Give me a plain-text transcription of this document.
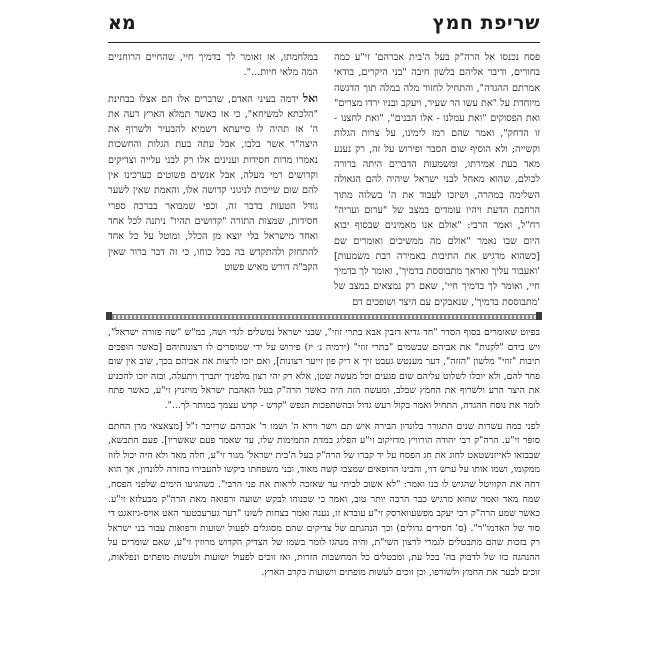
שריפת חמץ
מא

פסח נכנסו אל הרה"ק בעל ה'בית אברהם' זי"ע כמה בחורים, ודיבר אליהם בלשון חיבה "בני היקרים, בודאי אמרתם ההגדה", והתחיל לחזור מלה במלה תוך הדגשה מיוחדת על "את עשו הר שעיר, ויעקב ובניו ירדו מצרים" ואת הפסוקים "ואת עמלנו - אלו הבנים", "ואת לחצנו - זו הדחק", ואמר שהם רמז לימינו, על צרות הגלות וקשייה; ולא הוסיף שום הסבר ופירוש על זה, רק נענע מאד בעת אמירתו, ומשמעות הדברים היתה ברורה לכולם, שהוא מאחל לבני ישראל שיהיה להם הגאולה השלימה במהרה, ושיזכו לעבוד את ה' בשלוה מתוך הרחבת הדעת ויהיו עומדים במצב של "ערום ועריה" רח"ל, ואמר הרבי: "אולם אנו מאמינים שבסוף יבוא היום שבו נאמר "אולם מה ממשיכים ואומרים שם [כשהוא מדגיש את התיבות באמירה רבת משמעות] 'ואעבור עליך וארא​ך מתבוססת בדמיך', ואומר לך בדמיך חיי, ואומר לך בדמיך חיי', שאם רק נמצאים במצב של 'מתבוססת בדמיך', שנאבקים עם היצר ושופכים דם

במלחמתו, אז זאומר לך בדמיך חיי, שהחיים הרוחניים המה מלאי חיות...".

ואל ידמה בעיני האדם, שדברים אלו הם אצלו בבחינת "הלכתא למשיחא", כי אז כאשר תמלא הארץ דעה את ה' אז תהיה לו סייעתא דשמיא להבעיר ולשרוף את היצה"ר אשר בלבו, אבל עתה בעת הגלות והחשכות נאמרו מדות חסידות וענינים אלו רק לבני עלייה וצדיקים וקדושים רמי מעלה, אבל אנשים פשוטים כערכינו אין להם שום שייכות לניגוני קדושה אלו, והאמת שאין לשער גודל הטעות בדבר זה, וכפי שמבואר בברכה ספרי חסידות, שמצות התורה "קדושים תהיו" ניתנה לכל אחד ואחד מישראל בלי יוצא מן הכלל, ומוטל על כל אחד להתחזק ולהתקדש בה בכל כוחו, כי זה דבר ברור שאין הקב"ה דורש מאיש פשוט

בפיוט שאומרים בסוף הסדר "חד גדיא דזבין אבא בתרי זוזי", שבני ישראל נמשלים לגדי ושה, כמ"ש "שה פזורה ישראל", ויש בידם "לקנות" את אביהם שבשמים "בתרי זוזי" (ירמיה נ׳ יז) פירוש על ידי שמוסרים לו רצונותיהם [כאשר הופכים תיבות "זוזי" מלשון "הזזה", דער מענטש געבט זיך א ריק פון זייער רצונות], ואם יזכו לרצות את אביהם בכך, שוב אין שום פחד להם, ולא יוכלו לשלוט עליהם שום פגעים וכל מעשה שטן, אלא רק יהי רצון מלפניך יתברך ויתעלה, ובזה יזכו להכניע את היצר הרע ולשרוף את החמץ שבלב, ומעשה הזה היה כאשר הרה"ק בעל האהבת ישראל מויזניץ זי"ע, כאשר פתח לומר את נוסח ההגדה, התחיל ואמר בקול רעש גדול ובהשתפכות הנפש "קדש - קדש עצמך במותר לך...".

לפני כמה עשרות שנים התגורר בלונדון הבירה איש תם וישר וירא ה' ושמו ר' אברהם שרייבר ז"ל [מצאצאי מרן החתם סופר זי"ע. הרה"ק רבי יהודה הורוויץ מדזיקוב זי"ע הפליג במדת התמימות שלו, עד שאמר פעם שאשריו]. פעם התבשא, שבבואו לאייזנשטאט לחוג את חג הפסח על יד קברו של הרה"ק בעל ה'בית ישראל' מגור זי"ע, חלה מאד ולא היה יכול לזוז ממקומו, ושמו אותו על ערש דוי, והבינו הרופאים שמצבו קשה מאוד, ובני משפחתו ביקשו להעבירו בחזרה ללונדון, אך הוא דחה את הקוויטל שהגיש לו בנו ואמר: "לא אשוב לביתי עד שאזכה לראות את פני הרבי". כשהגיעו הימים שלפני הפסח, שמח מאד ואמר שהוא מרגיש כבר הרבה יותר טוב, ואמר כי שכנוהו לבקש ישועה ורפואה מאת הרה"ק מבעלזא זי"ע. כאשר שמע הרה"ק רבי יעקב מפשעווארסק זי"ע עובדא זו, נענה ואמר בצחות לשונו "דער גערעכטער האט אויס-גיזאגט די סוד של האדמו"ר". (ס' חסידים גדולים) וכך הנהגתם של צדיקים שהם מסוגלים לפעול ישועות ורפואות עבור בני ישראל רק בזכות שהם מתבטלים לגמרי לרצון השי"ת, והיה מנהגו לומר בשמו של הצדיק הקדוש מרוזין זי"ע, שאם שומרים על ההנהגה כזו של לדבוק בה' בכל עת, ומבטלים כל המחשבות הזרות, ואז זוכים לפעול ישועות ולעשות מופתים ונפלאות, זוכים לבער את החמץ ולשורפו, וכן זוכים לעשות מופתים וישועות בקרב הארץ.
